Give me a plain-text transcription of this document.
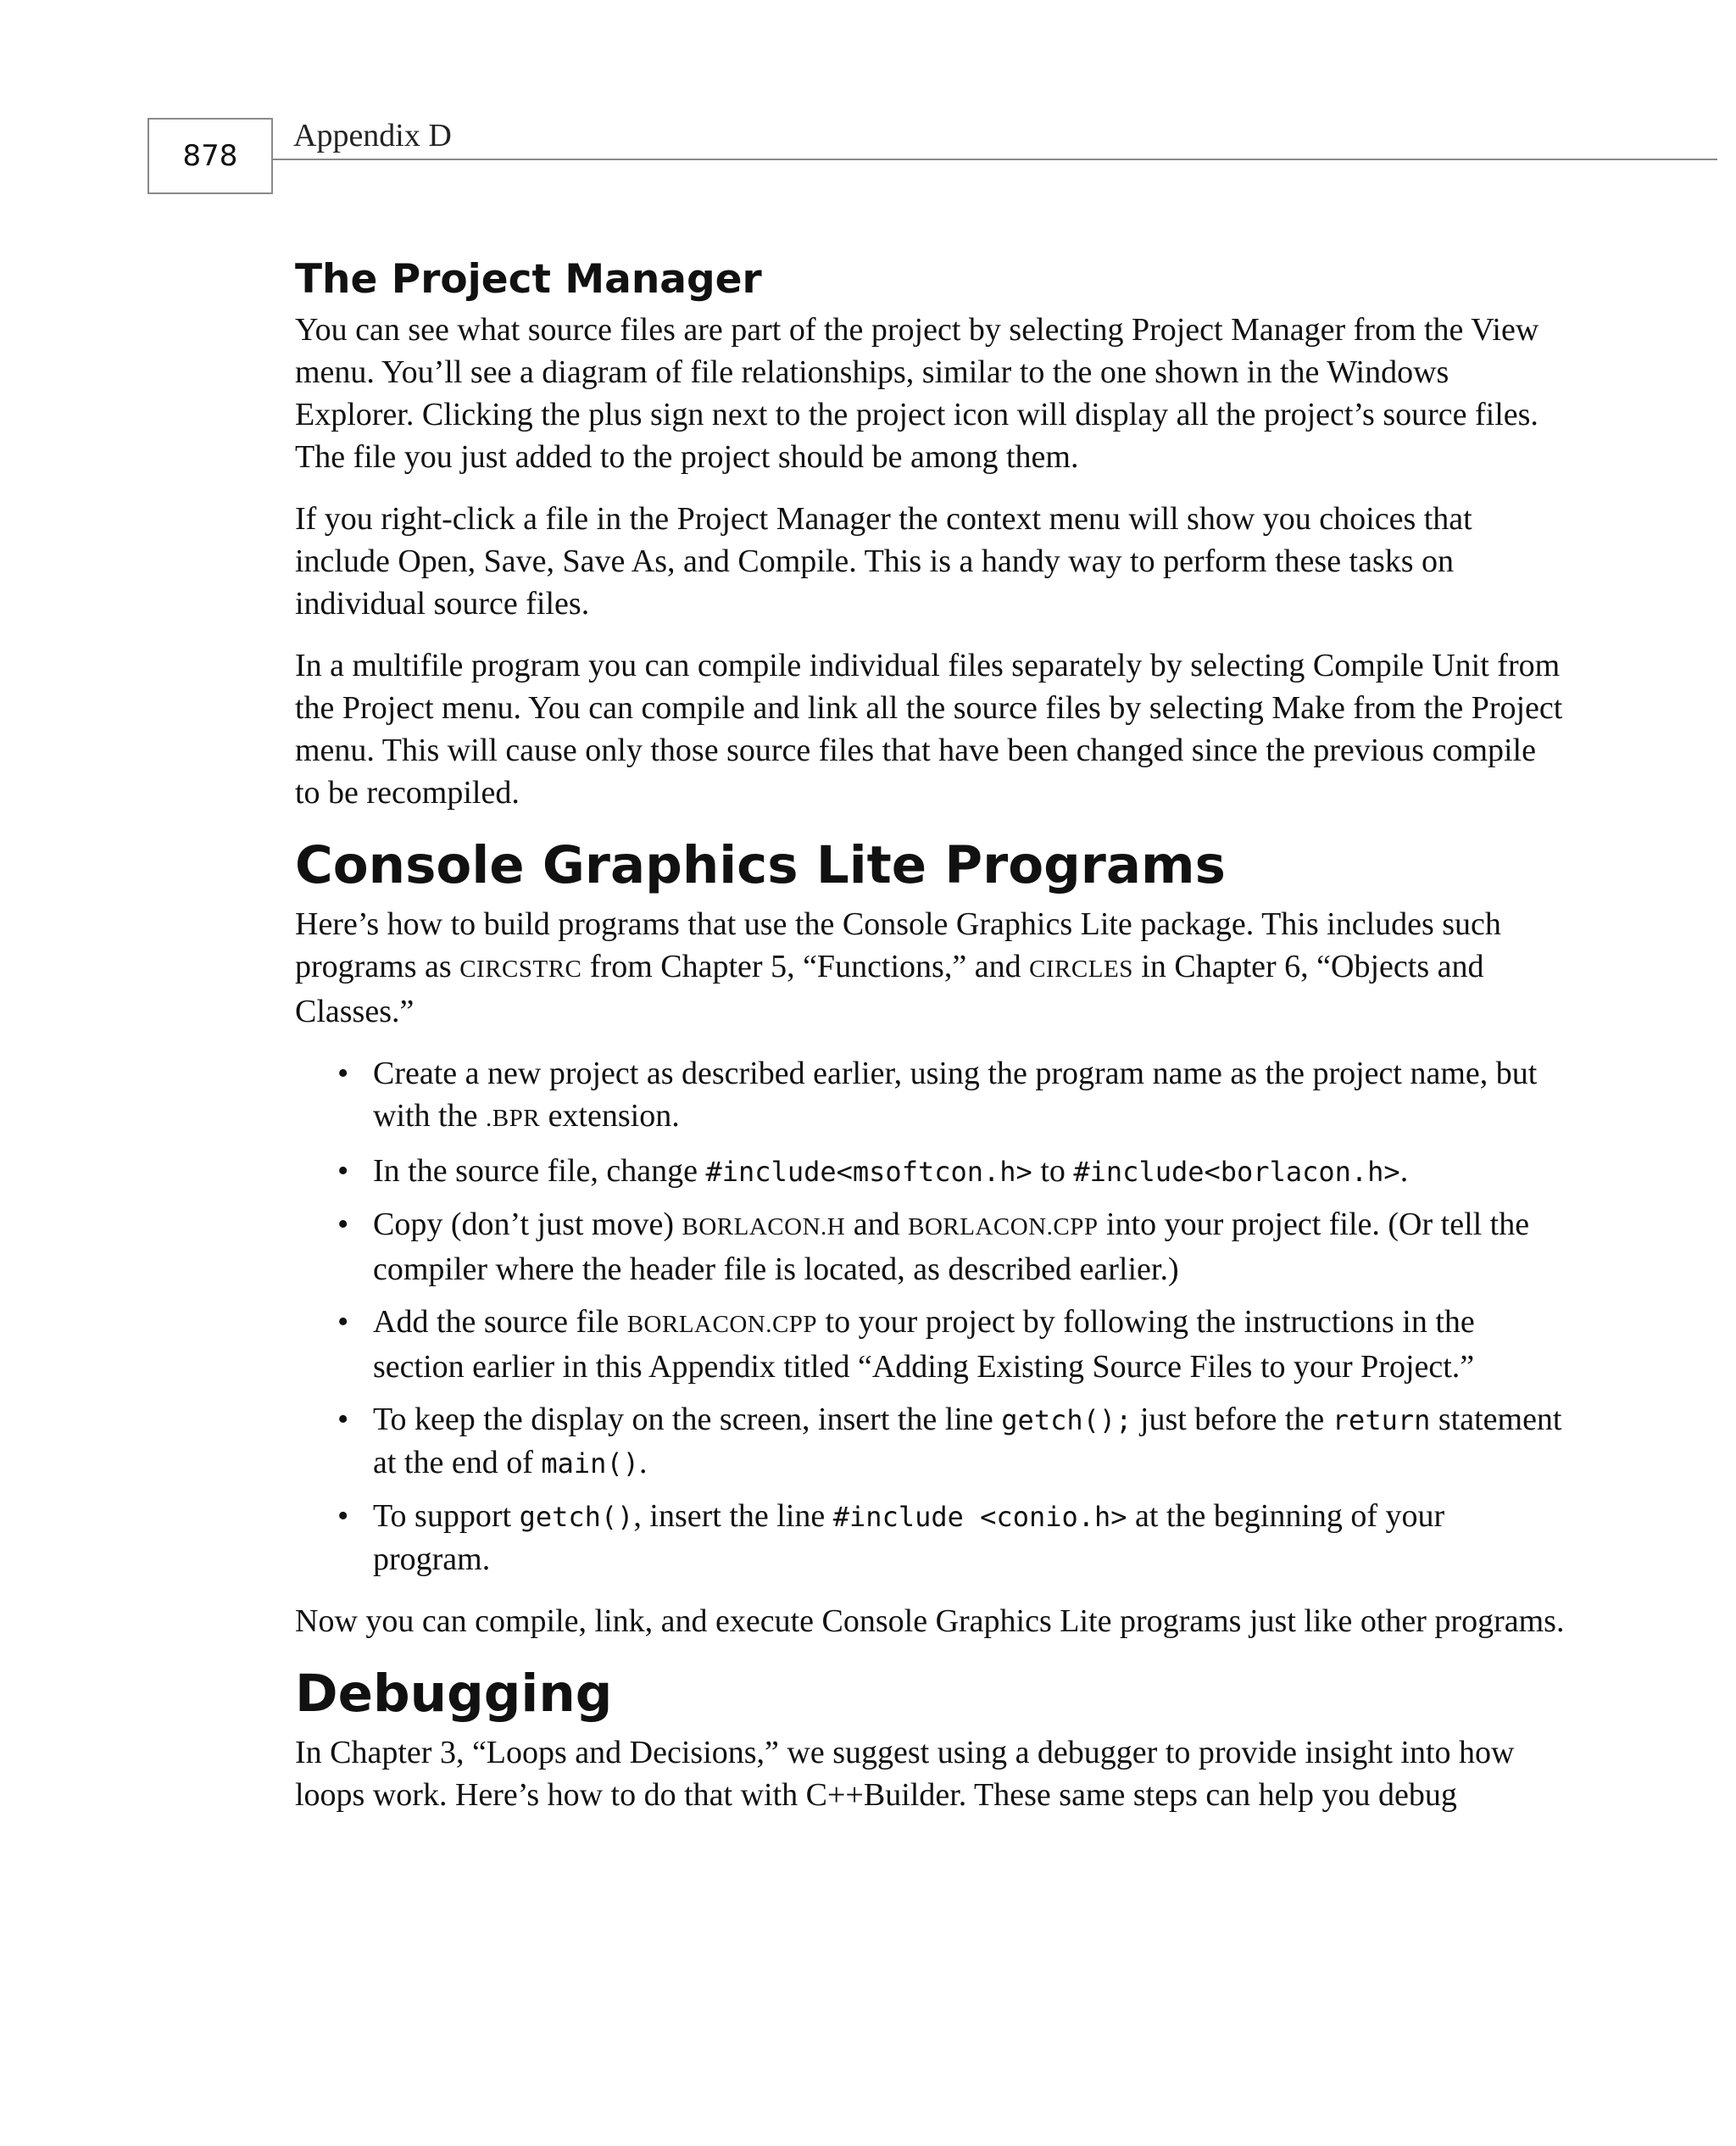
878
Appendix D
The Project Manager

You can see what source files are part of the project by selecting Project Manager from the View menu. You’ll see a diagram of file relationships, similar to the one shown in the Windows Explorer. Clicking the plus sign next to the project icon will display all the project’s source files. The file you just added to the project should be among them.

If you right-click a file in the Project Manager the context menu will show you choices that include Open, Save, Save As, and Compile. This is a handy way to perform these tasks on individual source files.

In a multifile program you can compile individual files separately by selecting Compile Unit from the Project menu. You can compile and link all the source files by selecting Make from the Project menu. This will cause only those source files that have been changed since the previous compile to be recompiled.

Console Graphics Lite Programs

Here’s how to build programs that use the Console Graphics Lite package. This includes such programs as CIRCSTRC from Chapter 5, “Functions,” and CIRCLES in Chapter 6, “Objects and Classes.”

• Create a new project as described earlier, using the program name as the project name, but with the .BPR extension.
• In the source file, change #include<msoftcon.h> to #include<borlacon.h>.
• Copy (don’t just move) BORLACON.H and BORLACON.CPP into your project file. (Or tell the compiler where the header file is located, as described earlier.)
• Add the source file BORLACON.CPP to your project by following the instructions in the section earlier in this Appendix titled “Adding Existing Source Files to your Project.”
• To keep the display on the screen, insert the line getch(); just before the return statement at the end of main().
• To support getch(), insert the line #include <conio.h> at the beginning of your program.

Now you can compile, link, and execute Console Graphics Lite programs just like other programs.

Debugging

In Chapter 3, “Loops and Decisions,” we suggest using a debugger to provide insight into how loops work. Here’s how to do that with C++Builder. These same steps can help you debug
